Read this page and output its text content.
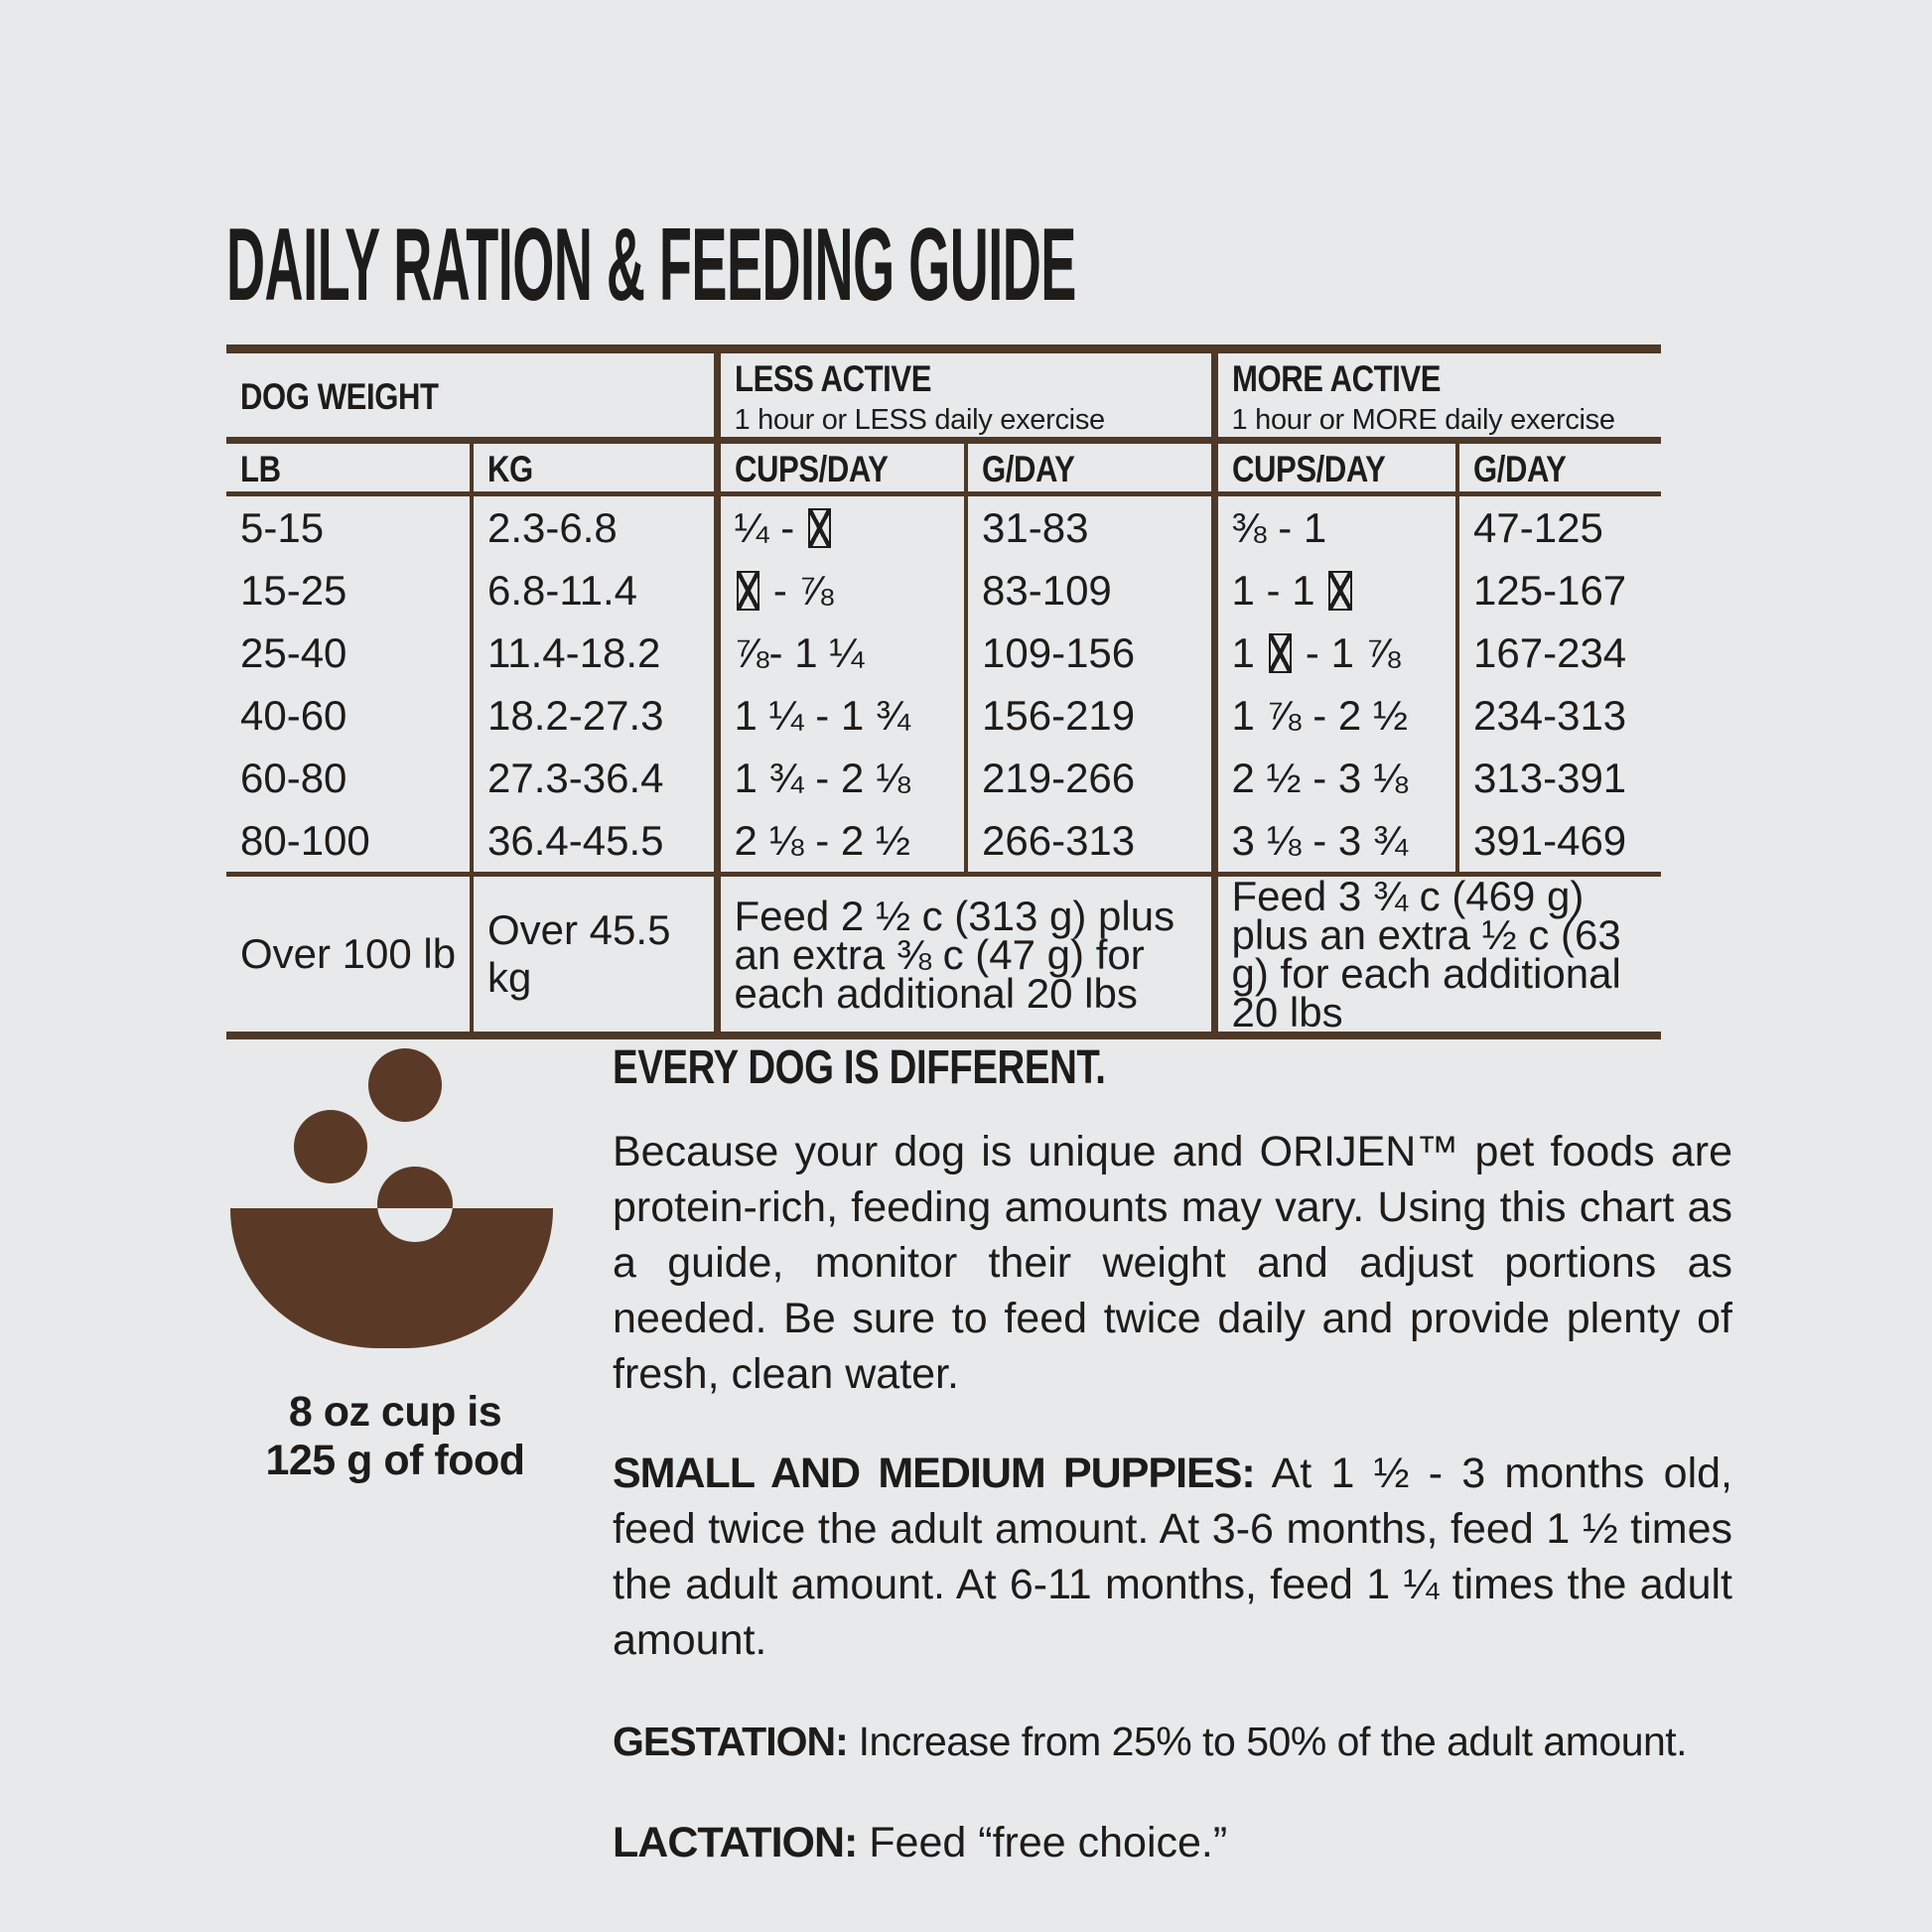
DAILY RATION & FEEDING GUIDE
DOG WEIGHT	LESS ACTIVE
1 hour or LESS daily exercise
	MORE ACTIVE
1 hour or MORE daily exercise

LB	KG	CUPS/DAY	G/DAY	CUPS/DAY	G/DAY
5-15	2.3-6.8	¼ -	31-83	⅜ - 1	47-125
15-25	6.8-11.4	- ⅞	83-109	1 - 1	125-167
25-40	11.4-18.2	⅞- 1 ¼	109-156	1  - 1 ⅞	167-234
40-60	18.2-27.3	1 ¼ - 1 ¾	156-219	1 ⅞ - 2 ½	234-313
60-80	27.3-36.4	1 ¾ - 2 ⅛	219-266	2 ½ - 3 ⅛	313-391
80-100	36.4-45.5	2 ⅛ - 2 ½	266-313	3 ⅛ - 3 ¾	391-469
Over 100 lb	Over 45.5 kg	Feed 2 ½ c (313 g) plus an extra ⅜ c (47 g) for each additional 20 lbs		Feed 3 ¾ c (469 g) plus an extra ½ c (63 g) for each additional 20 lbs	
8 oz cup is
125 g of food
EVERY DOG IS DIFFERENT.

Because your dog is unique and ORIJEN™ pet foods are protein-rich, feeding amounts may vary. Using this chart as a guide, monitor their weight and adjust portions as needed. Be sure to feed twice daily and provide plenty of fresh, clean water.

SMALL AND MEDIUM PUPPIES: At 1 ½ - 3 months old, feed twice the adult amount. At 3-6 months, feed 1 ½ times the adult amount. At 6-11 months, feed 1 ¼ times the adult amount.

GESTATION: Increase from 25% to 50% of the adult amount.

LACTATION: Feed “free choice.”
